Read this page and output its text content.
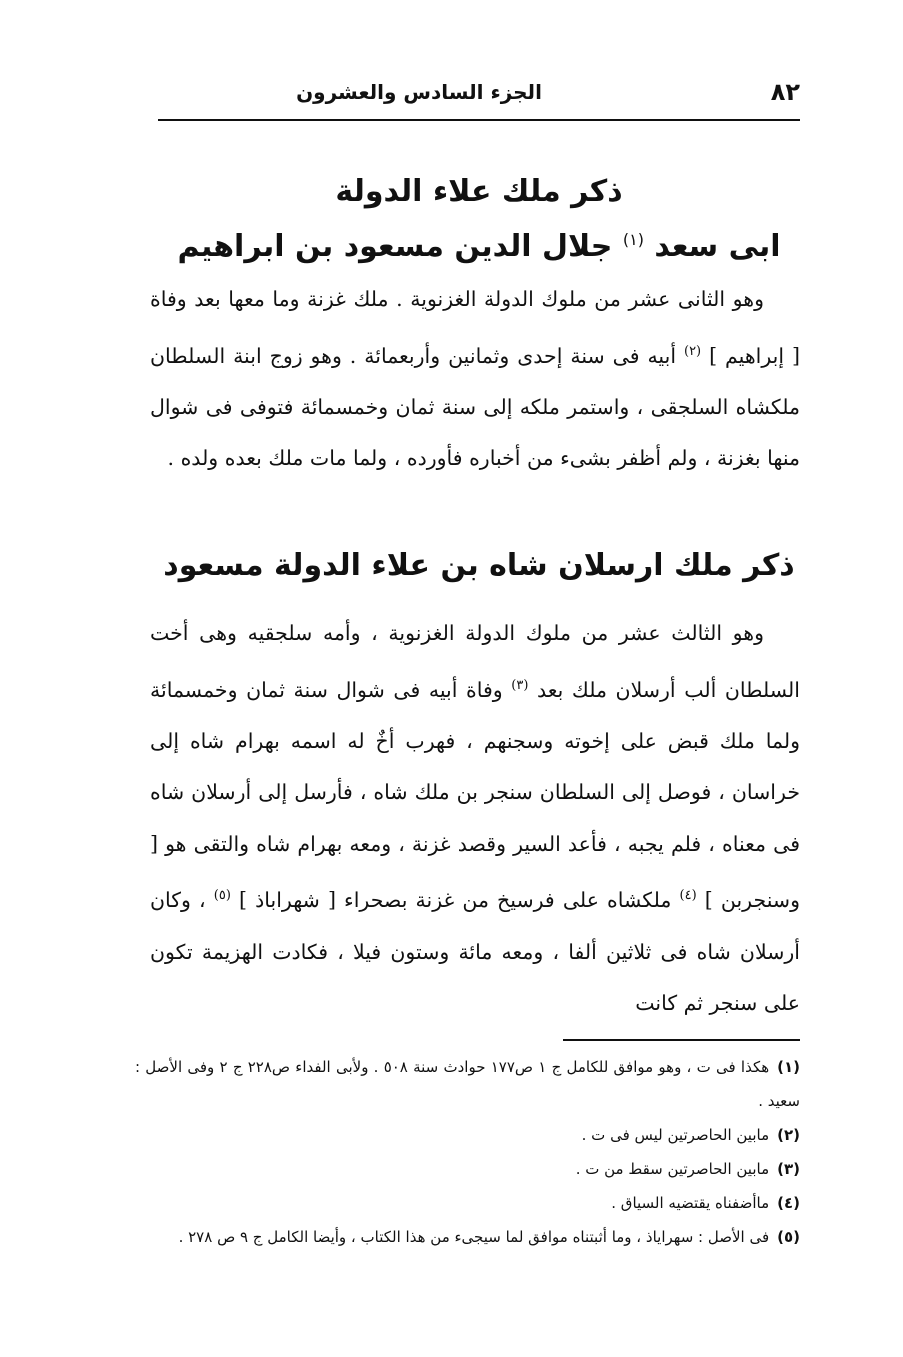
٨٢
الجزء السادس والعشرون
ذكر ملك علاء الدولة
ابى سعد $^{(١)}$ جلال الدين مسعود بن ابراهيم

وهو الثانى عشر من ملوك الدولة الغزنوية . ملك غزنة وما معها بعد وفاة [ إبراهيم ] $^{(٢)}$ أبيه فى سنة إحدى وثمانين وأربعمائة . وهو زوج ابنة السلطان ملكشاه السلجقى ، واستمر ملكه إلى سنة ثمان وخمسمائة فتوفى فى شوال منها بغزنة ، ولم أظفر بشىء من أخباره فأورده ، ولما مات ملك بعده ولده .

ذكر ملك ارسلان شاه بن علاء الدولة مسعود

وهو الثالث عشر من ملوك الدولة الغزنوية ، وأمه سلجقيه وهى أخت السلطان ألب أرسلان ملك بعد $^{(٣)}$ وفاة أبيه فى شوال سنة ثمان وخمسمائة ولما ملك قبض على إخوته وسجنهم ، فهرب أخٌ له اسمه بهرام شاه إلى خراسان ، فوصل إلى السلطان سنجر بن ملك شاه ، فأرسل إلى أرسلان شاه فى معناه ، فلم يجبه ، فأعد السير وقصد غزنة ، ومعه بهرام شاه والتقى هو [ وسنجربن ] $^{(٤)}$ ملكشاه على فرسيخ من غزنة بصحراء [ شهراباذ ] $^{(٥)}$ ، وكان أرسلان شاه فى ثلاثين ألفا ، ومعه مائة وستون فيلا ، فكادت الهزيمة تكون على سنجر ثم كانت

(١)هكذا فى ت ، وهو موافق للكامل ج ١ ص١٧٧ حوادث سنة ٥٠٨ . ولأبى الفداء ص٢٢٨ ج ٢ وفى الأصل : سعيد .

(٢)مابين الحاصرتين ليس فى ت .

(٣)مابين الحاصرتين سقط من ت .

(٤)ماأضفناه يقتضيه السياق .

(٥)فى الأصل : سهراياذ ، وما أثبتناه موافق لما سيجىء من هذا الكتاب ، وأيضا الكامل ج ٩ ص ٢٧٨ .
